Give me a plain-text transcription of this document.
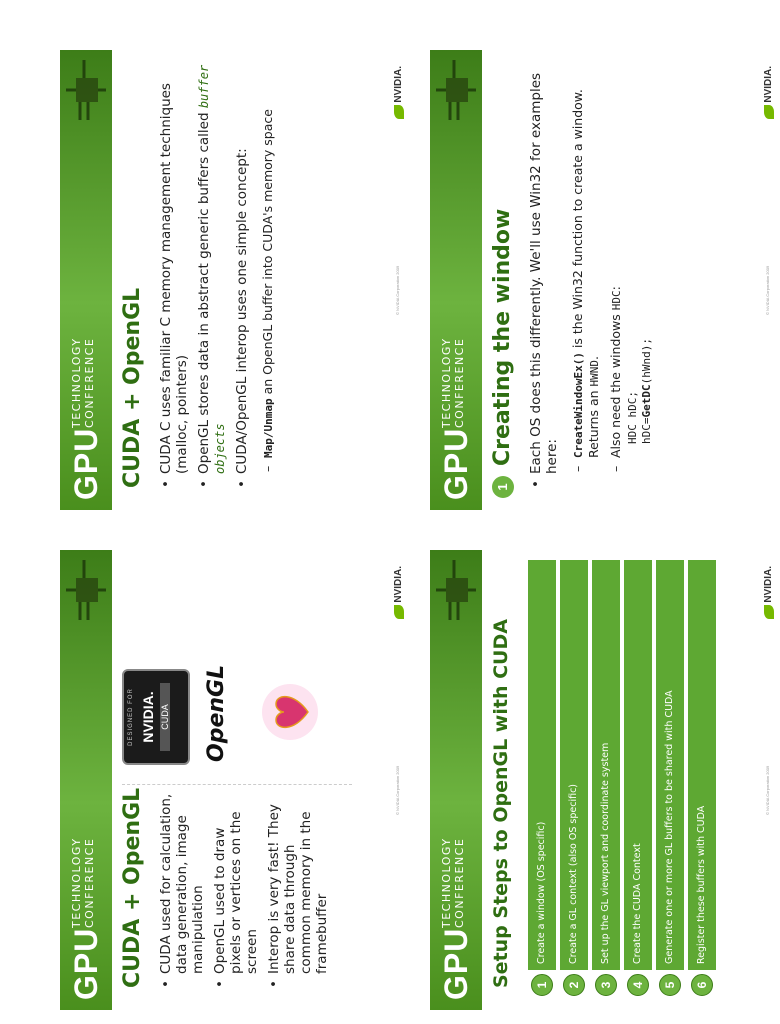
GPU
TECHNOLOGY CONFERENCE CUDA + OpenGL • CUDA used for calculation, data generation, image manipulation • OpenGL used to draw pixels or vertices on the screen • Interop is very fast! They share data through common memory in the framebuffer
DESIGNED FOR NVIDIA. CUDA OpenGL
© NVIDIA Corporation 2009
NVIDIA.
GPU
TECHNOLOGY CONFERENCE CUDA + OpenGL • CUDA C uses familiar C memory management techniques (malloc, pointers) • OpenGL stores data in abstract generic buffers called buffer objects • CUDA/OpenGL interop uses one simple concept: – Map/Unmap an OpenGL buffer into CUDA's memory space	© NVIDIA Corporation 2009
NVIDIA.
GPU
TECHNOLOGY CONFERENCE Setup Steps to OpenGL with CUDA	1
Create a window (OS specific)
2
Create a GL context (also OS specific)
3
Set up the GL viewport and coordinate system
4
Create the CUDA Context
5
Generate one or more GL buffers to be shared with CUDA
6
Register these buffers with CUDA
© NVIDIA Corporation 2009
NVIDIA.
GPU
TECHNOLOGY CONFERENCE
1
Creating the window • Each OS does this differently. We'll use Win32 for examples here: – CreateWindowEx() is the Win32 function to create a window. Returns an HWND. – Also need the windows HDC:
HDC hDC; hDC=GetDC(hWnd);
© NVIDIA Corporation 2009
NVIDIA.
